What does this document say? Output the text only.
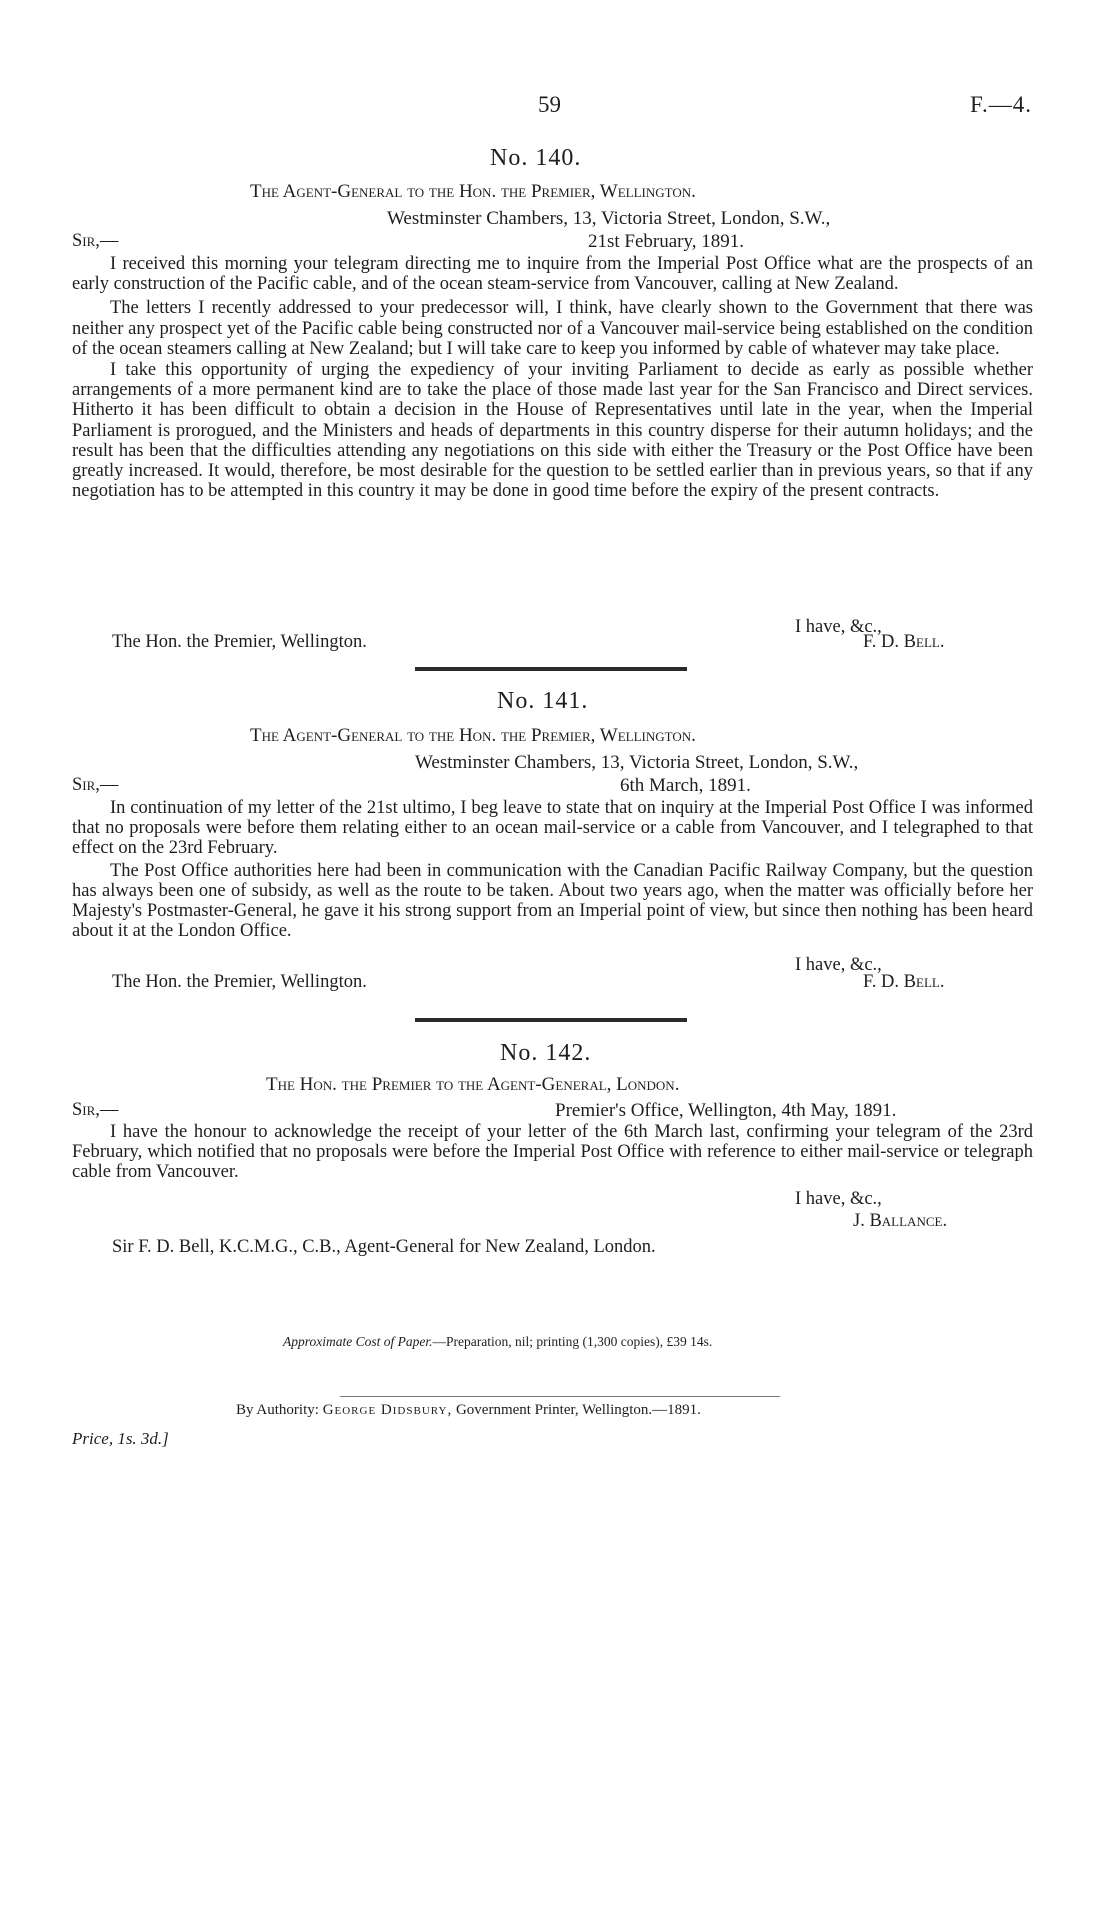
59	F.—4.
No. 140.
The Agent-General to the Hon. the Premier, Wellington.
Westminster Chambers, 13, Victoria Street, London, S.W.,
Sir,—	21st February, 1891.

I received this morning your telegram directing me to inquire from the Imperial Post Office what are the prospects of an early construction of the Pacific cable, and of the ocean steam-service from Vancouver, calling at New Zealand.

The letters I recently addressed to your predecessor will, I think, have clearly shown to the Government that there was neither any prospect yet of the Pacific cable being constructed nor of a Vancouver mail-service being established on the condition of the ocean steamers calling at New Zealand; but I will take care to keep you informed by cable of whatever may take place.

I take this opportunity of urging the expediency of your inviting Parliament to decide as early as possible whether arrangements of a more permanent kind are to take the place of those made last year for the San Francisco and Direct services. Hitherto it has been difficult to obtain a decision in the House of Representatives until late in the year, when the Imperial Parliament is prorogued, and the Ministers and heads of departments in this country disperse for their autumn holidays; and the result has been that the difficulties attending any negotiations on this side with either the Treasury or the Post Office have been greatly increased. It would, therefore, be most desirable for the question to be settled earlier than in previous years, so that if any negotiation has to be attempted in this country it may be done in good time before the expiry of the present contracts.

I have, &c.,
The Hon. the Premier, Wellington.	F. D. Bell.
No. 141.
The Agent-General to the Hon. the Premier, Wellington.
Westminster Chambers, 13, Victoria Street, London, S.W.,
Sir,—	6th March, 1891.

In continuation of my letter of the 21st ultimo, I beg leave to state that on inquiry at the Imperial Post Office I was informed that no proposals were before them relating either to an ocean mail-service or a cable from Vancouver, and I telegraphed to that effect on the 23rd February.

The Post Office authorities here had been in communication with the Canadian Pacific Railway Company, but the question has always been one of subsidy, as well as the route to be taken. About two years ago, when the matter was officially before her Majesty's Postmaster-General, he gave it his strong support from an Imperial point of view, but since then nothing has been heard about it at the London Office.

I have, &c.,
The Hon. the Premier, Wellington.	F. D. Bell.
No. 142.
The Hon. the Premier to the Agent-General, London.
Sir,—	Premier's Office, Wellington, 4th May, 1891.

I have the honour to acknowledge the receipt of your letter of the 6th March last, confirming your telegram of the 23rd February, which notified that no proposals were before the Imperial Post Office with reference to either mail-service or telegraph cable from Vancouver.

I have, &c.,
J. Ballance.
Sir F. D. Bell, K.C.M.G., C.B., Agent-General for New Zealand, London.
Approximate Cost of Paper.—Preparation, nil; printing (1,300 copies), £39 14s.
By Authority: George Didsbury, Government Printer, Wellington.—1891.
Price, 1s. 3d.]
